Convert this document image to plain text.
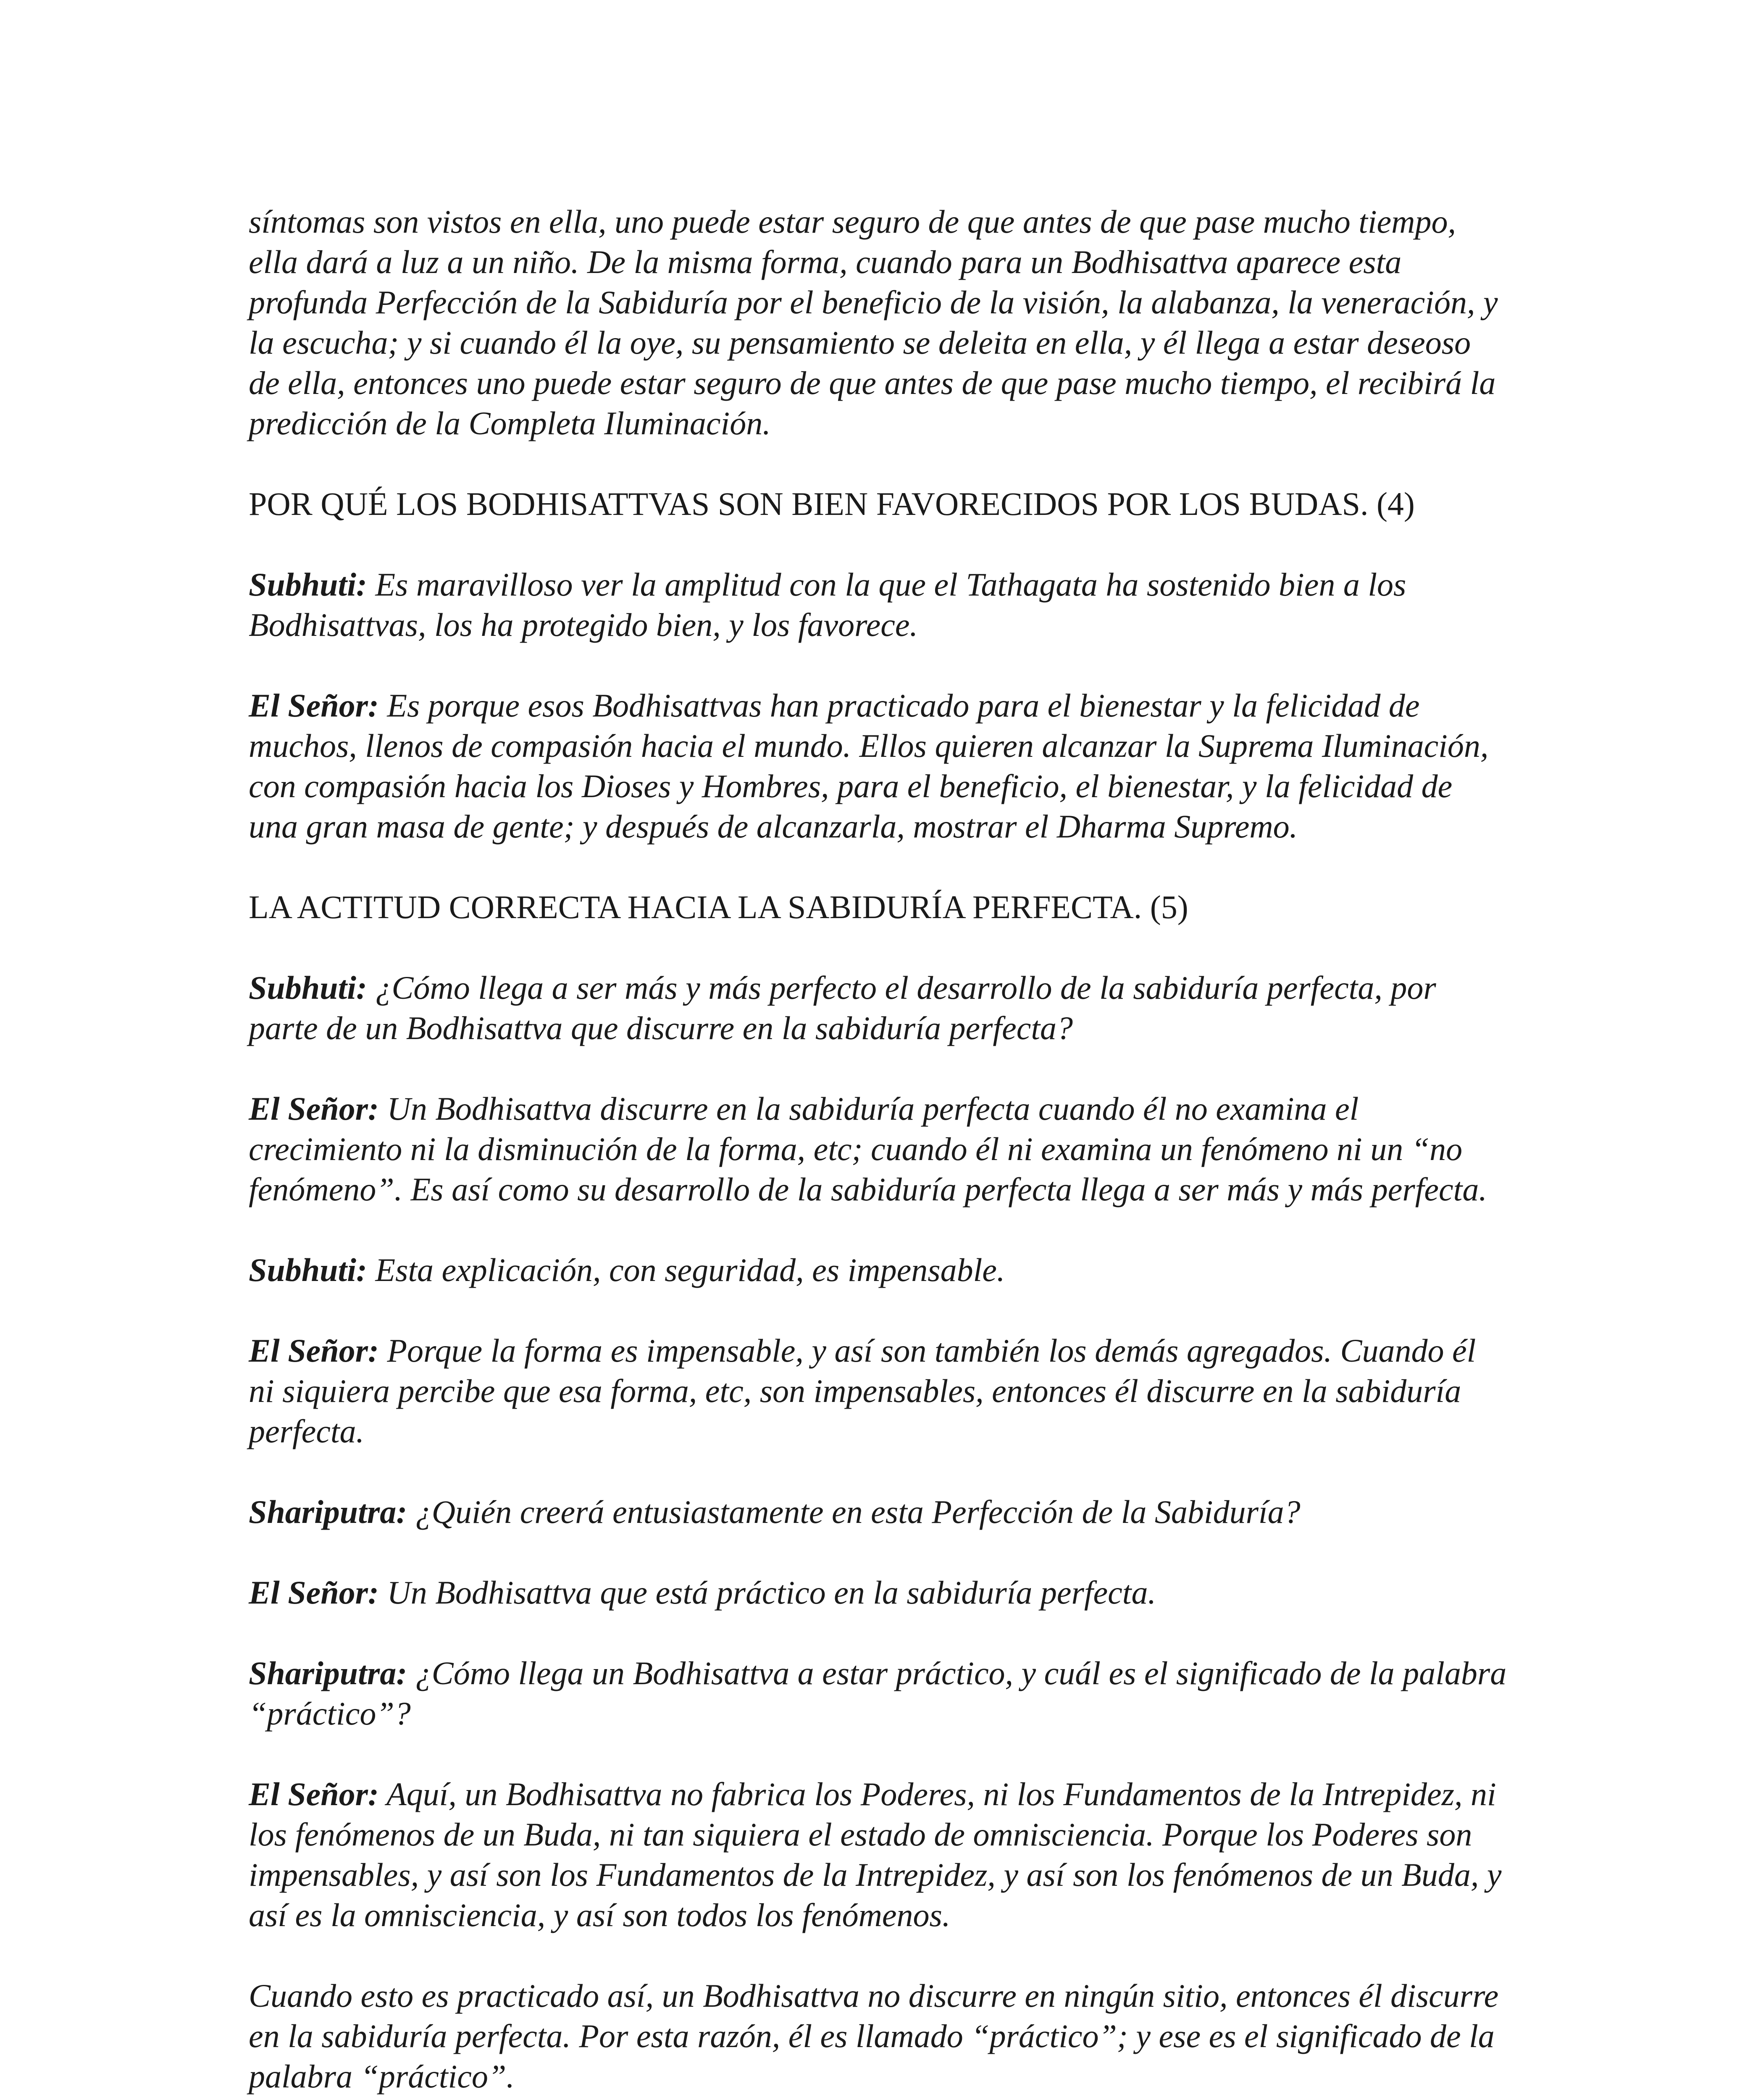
síntomas son vistos en ella, uno puede estar seguro de que antes de que pase mucho tiempo, ella dará a luz a un niño. De la misma forma, cuando para un Bodhisattva aparece esta profunda Perfección de la Sabiduría por el beneficio de la visión, la alabanza, la veneración, y la escucha; y si cuando él la oye, su pensamiento se deleita en ella, y él llega a estar deseoso de ella, entonces uno puede estar seguro de que antes de que pase mucho tiempo, el recibirá la predicción de la Completa Iluminación.

POR QUÉ LOS BODHISATTVAS SON BIEN FAVORECIDOS POR LOS BUDAS. (4)

Subhuti: Es maravilloso ver la amplitud con la que el Tathagata ha sostenido bien a los Bodhisattvas, los ha protegido bien, y los favorece.

El Señor: Es porque esos Bodhisattvas han practicado para el bienestar y la felicidad de muchos, llenos de compasión hacia el mundo. Ellos quieren alcanzar la Suprema Iluminación, con compasión hacia los Dioses y Hombres, para el beneficio, el bienestar, y la felicidad de una gran masa de gente; y después de alcanzarla, mostrar el Dharma Supremo.

LA ACTITUD CORRECTA HACIA LA SABIDURÍA PERFECTA. (5)

Subhuti: ¿Cómo llega a ser más y más perfecto el desarrollo de la sabiduría perfecta, por parte de un Bodhisattva que discurre en la sabiduría perfecta?

El Señor: Un Bodhisattva discurre en la sabiduría perfecta cuando él no examina el crecimiento ni la disminución de la forma, etc; cuando él ni examina un fenómeno ni un “no fenómeno”. Es así como su desarrollo de la sabiduría perfecta llega a ser más y más perfecta.

Subhuti: Esta explicación, con seguridad, es impensable.

El Señor: Porque la forma es impensable, y así son también los demás agregados. Cuando él ni siquiera percibe que esa forma, etc, son impensables, entonces él discurre en la sabiduría perfecta.

Shariputra: ¿Quién creerá entusiastamente en esta Perfección de la Sabiduría?

El Señor: Un Bodhisattva que está práctico en la sabiduría perfecta.

Shariputra: ¿Cómo llega un Bodhisattva a estar práctico, y cuál es el significado de la palabra “práctico”?

El Señor: Aquí, un Bodhisattva no fabrica los Poderes, ni los Fundamentos de la Intrepidez, ni los fenómenos de un Buda, ni tan siquiera el estado de omnisciencia. Porque los Poderes son impensables, y así son los Fundamentos de la Intrepidez, y así son los fenómenos de un Buda, y así es la omnisciencia, y así son todos los fenómenos.

Cuando esto es practicado así, un Bodhisattva no discurre en ningún sitio, entonces él discurre en la sabiduría perfecta. Por esta razón, él es llamado “práctico”; y ese es el significado de la palabra “práctico”.
